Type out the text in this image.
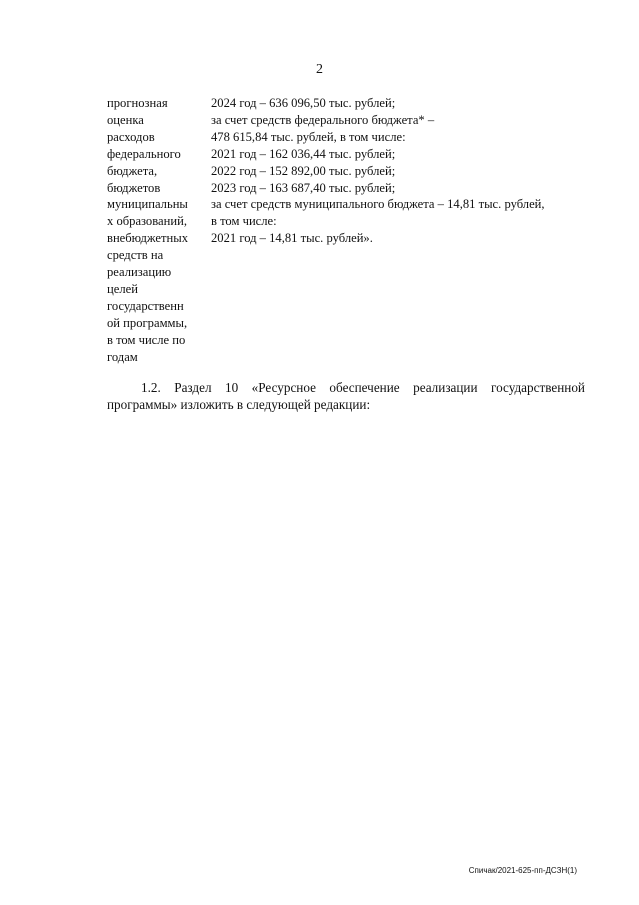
2
прогнозная
оценка
расходов
федерального
бюджета,
бюджетов
муниципальны
х образований,
внебюджетных
средств на
реализацию
целей
государственн
ой программы,
в том числе по
годам
2024 год – 636 096,50 тыс. рублей;
за счет средств федерального бюджета* –
478 615,84 тыс. рублей, в том числе:
2021 год – 162 036,44 тыс. рублей;
2022 год – 152 892,00 тыс. рублей;
2023 год – 163 687,40 тыс. рублей;
за счет средств муниципального бюджета – 14,81 тыс. рублей,
в том числе:
2021 год – 14,81 тыс. рублей».
1.2. Раздел 10 «Ресурсное обеспечение реализации государственной
программы» изложить в следующей редакции:
Спичак/2021-625-пп-ДСЗН(1)
